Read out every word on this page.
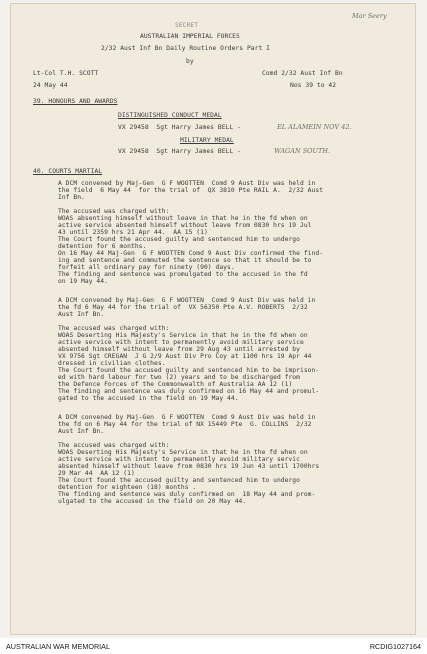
SECRET
Mar Seery
AUSTRALIAN IMPERIAL FORCES
2/32 Aust Inf Bn Daily Routine Orders Part I
by
Lt-Col T.H. SCOTT	Comd 2/32 Aust Inf Bn
24 May 44	Nos 39 to 42
39. HONOURS AND AWARDS
DISTINGUISHED CONDUCT MEDAL
VX 29458  Sgt Harry James BELL -	EL ALAMEIN NOV 42.
MILITARY MEDAL
VX 29458  Sgt Harry James BELL -	WAGAN SOUTH.
40. COURTS MARTIAL
A DCM convened by Maj-Gen  G F WOOTTEN  Comd 9 Aust Div was held in
the field  6 May 44  for the trial of  QX 3810 Pte RAIL A.  2/32 Aust
Inf Bn.

The accused was charged with:
WOAS absenting himself without leave in that he in the fd when on
active service absented himself without leave from 0830 hrs 19 Jul
43 until 2359 hrs 21 Apr 44.  AA 15 (1)
The Court found the accused guilty and sentenced him to undergo
detention for 6 months.
On 16 May 44 Maj-Gen  G F WOOTTEN Comd 9 Aust Div confirmed the find-
ing and sentence and commuted the sentence so that it should be to
forfeit all ordinary pay for ninety (90) days.
The finding and sentence was promulgated to the accused in the fd
on 19 May 44.
A DCM convened by Maj-Gen  G F WOOTTEN  Comd 9 Aust Div was held in
the fd 6 May 44 for the trial of  VX 56350 Pte A.V. ROBERTS  2/32
Aust Inf Bn.

The accused was charged with:
WOAS Deserting His Majesty's Service in that he in the fd when on
active service with intent to permanently avoid military service
absented himself without leave from 29 Aug 43 until arrested by
VX 9756 Sgt CREGAN  J G 2/9 Aust Div Pro Coy at 1100 hrs 19 Apr 44
dressed in civilian clothes.
The Court found the accused guilty and sentenced him to be imprison-
ed with hard labour for two (2) years and to be discharged from
the Defence Forces of the Commonwealth of Australia AA 12 (1)
The finding and sentence was duly confirmed on 16 May 44 and promul-
gated to the accused in the field on 19 May 44.
A DCM convened by Maj-Gen  G F WOOTTEN  Comd 9 Aust Div was held in
the fd on 6 May 44 for the trial of NX 15449 Pte  G. COLLINS  2/32
Aust Inf Bn.

The accused was charged with:
WOAS Deserting His Majesty's Service in that he in the fd when on
active service with intent to permanently avoid military servic
absented himself without leave from 0830 hrs 19 Jun 43 until 1700hrs
29 Mar 44  AA 12 (1)
The Court found the accused guilty and sentenced him to undergo
detention for eighteen (18) months .
The finding and sentence was duly confirmed on  18 May 44 and prom-
ulgated to the accused in the field on 20 May 44.
AUSTRALIAN WAR MEMORIAL	RCDIG1027164
